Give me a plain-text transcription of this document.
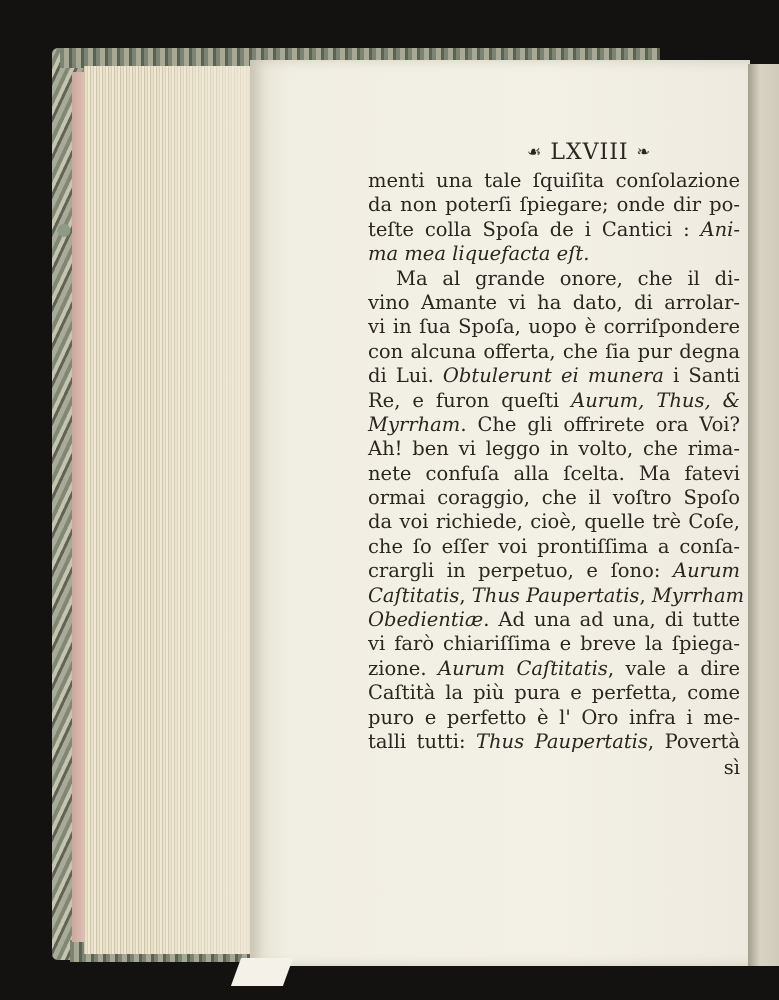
☙ LXVIII ❧
menti una tale ſquiſita conſolazione
da non poterſi ſpiegare; onde dir po-
teſte colla Spoſa de i Cantici : Ani-
ma mea liquefacta eſt.
Ma al grande onore, che il di-
vino Amante vi ha dato, di arrolar-
vi in ſua Spoſa, uopo è corriſpondere
con alcuna offerta, che ſia pur degna
di Lui. Obtulerunt ei munera i Santi
Re, e furon queſti Aurum, Thus, &
Myrrham. Che gli offrirete ora Voi?
Ah! ben vi leggo in volto, che rima-
nete confuſa alla ſcelta. Ma fatevi
ormai coraggio, che il voſtro Spoſo
da voi richiede, cioè, quelle trè Coſe,
che ſo eſſer voi prontiſſima a conſa-
crargli in perpetuo, e ſono: Aurum
Caſtitatis, Thus Paupertatis, Myrrham
Obedientiæ. Ad una ad una, di tutte
vi farò chiariſſima e breve la ſpiega-
zione. Aurum Caſtitatis, vale a dire
Caſtità la più pura e perfetta, come
puro e perfetto è l' Oro infra i me-
talli tutti: Thus Paupertatis, Povertà
sì
